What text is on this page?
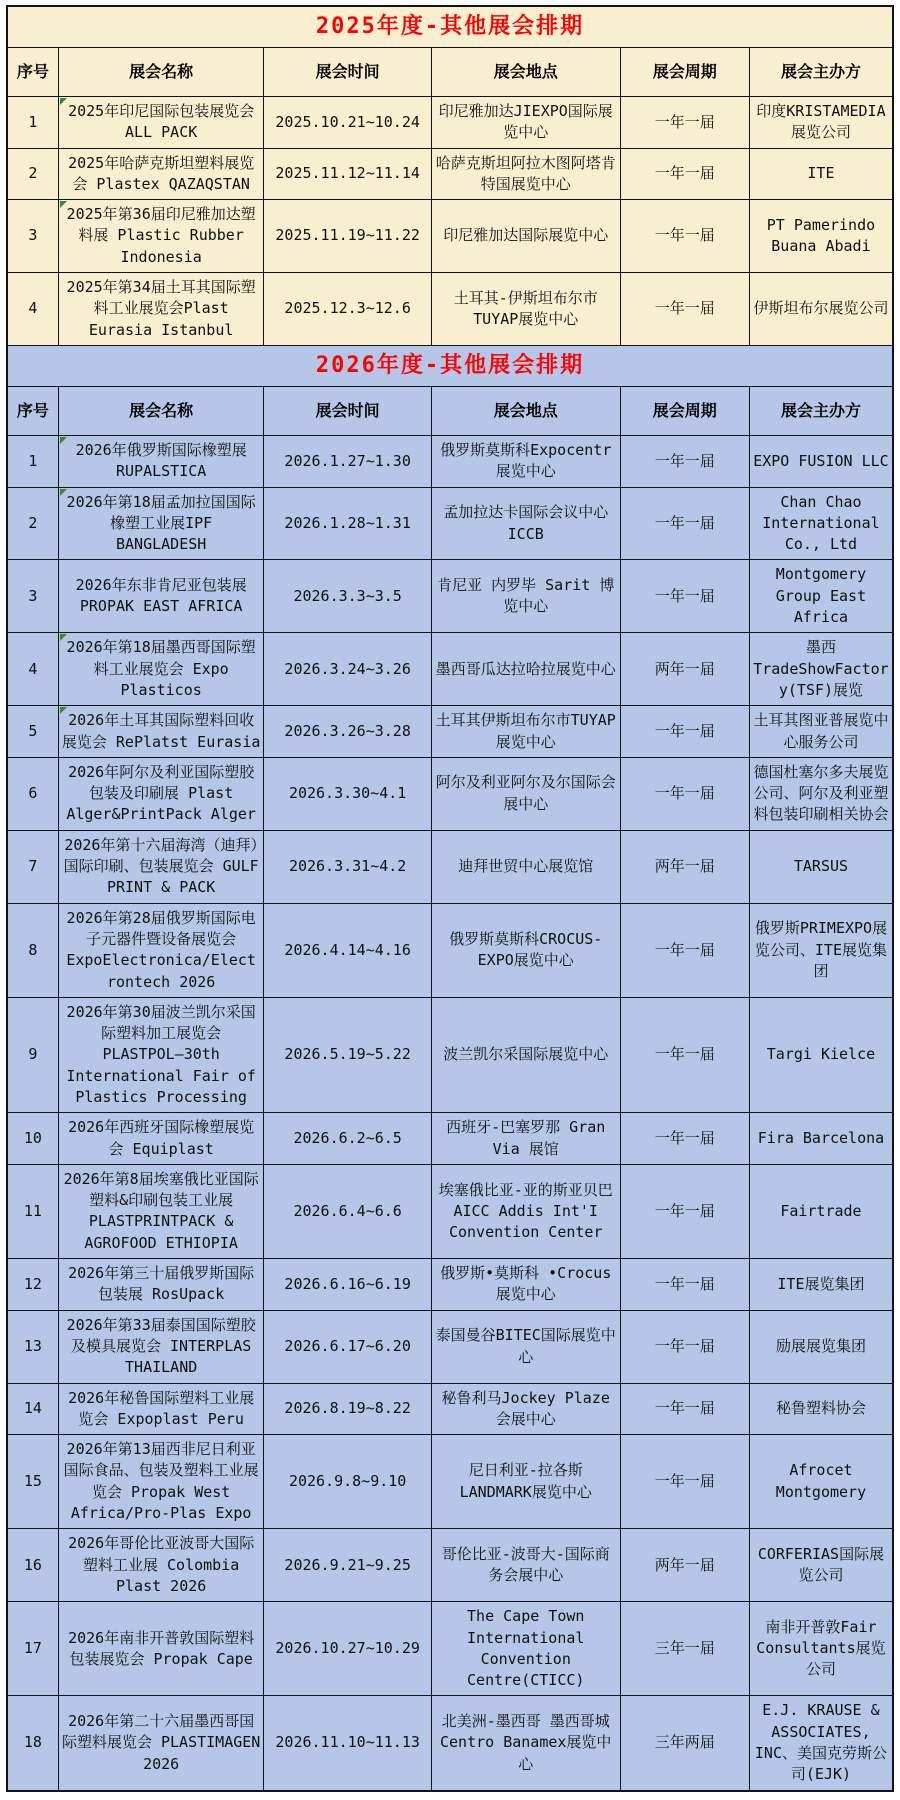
2025年度-其他展会排期					
序号	展会名称	展会时间	展会地点	展会周期	展会主办方
1	2025年印尼国际包装展览会 ALL PACK	2025.10.21~10.24	印尼雅加达JIEXPO国际展览中心	一年一届	印度KRISTAMEDIA展览公司
2	2025年哈萨克斯坦塑料展览会 Plastex QAZAQSTAN	2025.11.12~11.14	哈萨克斯坦阿拉木图阿塔肯特国展览中心	一年一届	ITE
3	2025年第36届印尼雅加达塑料展 Plastic Rubber Indonesia	2025.11.19~11.22	印尼雅加达国际展览中心	一年一届	PT Pamerindo Buana Abadi
4	2025年第34届土耳其国际塑料工业展览会Plast Eurasia Istanbul	2025.12.3~12.6	土耳其-伊斯坦布尔市TUYAP展览中心	一年一届	伊斯坦布尔展览公司
2026年度-其他展会排期					
序号	展会名称	展会时间	展会地点	展会周期	展会主办方
1	2026年俄罗斯国际橡塑展 RUPALSTICA	2026.1.27~1.30	俄罗斯莫斯科Expocentr展览中心	一年一届	EXPO FUSION LLC
2	2026年第18届孟加拉国国际橡塑工业展IPF BANGLADESH	2026.1.28~1.31	孟加拉达卡国际会议中心ICCB	一年一届	Chan Chao International Co., Ltd
3	2026年东非肯尼亚包装展 PROPAK EAST AFRICA	2026.3.3~3.5	肯尼亚 内罗毕 Sarit 博览中心	一年一届	Montgomery Group East Africa
4	2026年第18届墨西哥国际塑料工业展览会 Expo Plasticos	2026.3.24~3.26	墨西哥瓜达拉哈拉展览中心	两年一届	墨西TradeShowFactory(TSF)展览
5	2026年土耳其国际塑料回收展览会 RePlatst Eurasia	2026.3.26~3.28	土耳其伊斯坦布尔市TUYAP展览中心	一年一届	土耳其图亚普展览中心服务公司
6	2026年阿尔及利亚国际塑胶包装及印刷展 Plast Alger&PrintPack Alger	2026.3.30~4.1	阿尔及利亚阿尔及尔国际会展中心	一年一届	德国杜塞尔多夫展览公司、阿尔及利亚塑料包装印刷相关协会
7	2026年第十六届海湾（迪拜）国际印刷、包装展览会 GULF PRINT & PACK	2026.3.31~4.2	迪拜世贸中心展览馆	两年一届	TARSUS
8	2026年第28届俄罗斯国际电子元器件暨设备展览会ExpoElectronica/Electrontech 2026	2026.4.14~4.16	俄罗斯莫斯科CROCUS-EXPO展览中心	一年一届	俄罗斯PRIMEXPO展览公司、ITE展览集团
9	2026年第30届波兰凯尔采国际塑料加工展览会 PLASTPOL—30th International Fair of Plastics Processing	2026.5.19~5.22	波兰凯尔采国际展览中心	一年一届	Targi Kielce
10	2026年西班牙国际橡塑展览会 Equiplast	2026.6.2~6.5	西班牙-巴塞罗那 Gran Via 展馆	一年一届	Fira Barcelona
11	2026年第8届埃塞俄比亚国际塑料&印刷包装工业展 PLASTPRINTPACK & AGROFOOD ETHIOPIA	2026.6.4~6.6	埃塞俄比亚-亚的斯亚贝巴 AICC Addis Int'I Convention Center	一年一届	Fairtrade
12	2026年第三十届俄罗斯国际包装展 RosUpack	2026.6.16~6.19	俄罗斯•莫斯科 •Crocus 展览中心	一年一届	ITE展览集团
13	2026年第33届泰国国际塑胶及模具展览会 INTERPLAS THAILAND	2026.6.17~6.20	泰国曼谷BITEC国际展览中心	一年一届	励展展览集团
14	2026年秘鲁国际塑料工业展览会 Expoplast Peru	2026.8.19~8.22	秘鲁利马Jockey Plaze 会展中心	一年一届	秘鲁塑料协会
15	2026年第13届西非尼日利亚国际食品、包装及塑料工业展览会 Propak West Africa/Pro-Plas Expo	2026.9.8~9.10	尼日利亚-拉各斯LANDMARK展览中心	一年一届	Afrocet Montgomery
16	2026年哥伦比亚波哥大国际塑料工业展 Colombia Plast 2026	2026.9.21~9.25	哥伦比亚-波哥大-国际商务会展中心	两年一届	CORFERIAS国际展览公司
17	2026年南非开普敦国际塑料包装展览会 Propak Cape	2026.10.27~10.29	The Cape Town International Convention Centre(CTICC)	三年一届	南非开普敦Fair Consultants展览公司
18	2026年第二十六届墨西哥国际塑料展览会 PLASTIMAGEN 2026	2026.11.10~11.13	北美洲-墨西哥 墨西哥城Centro Banamex展览中心	三年两届	E.J. KRAUSE & ASSOCIATES, INC、美国克劳斯公司(EJK)
